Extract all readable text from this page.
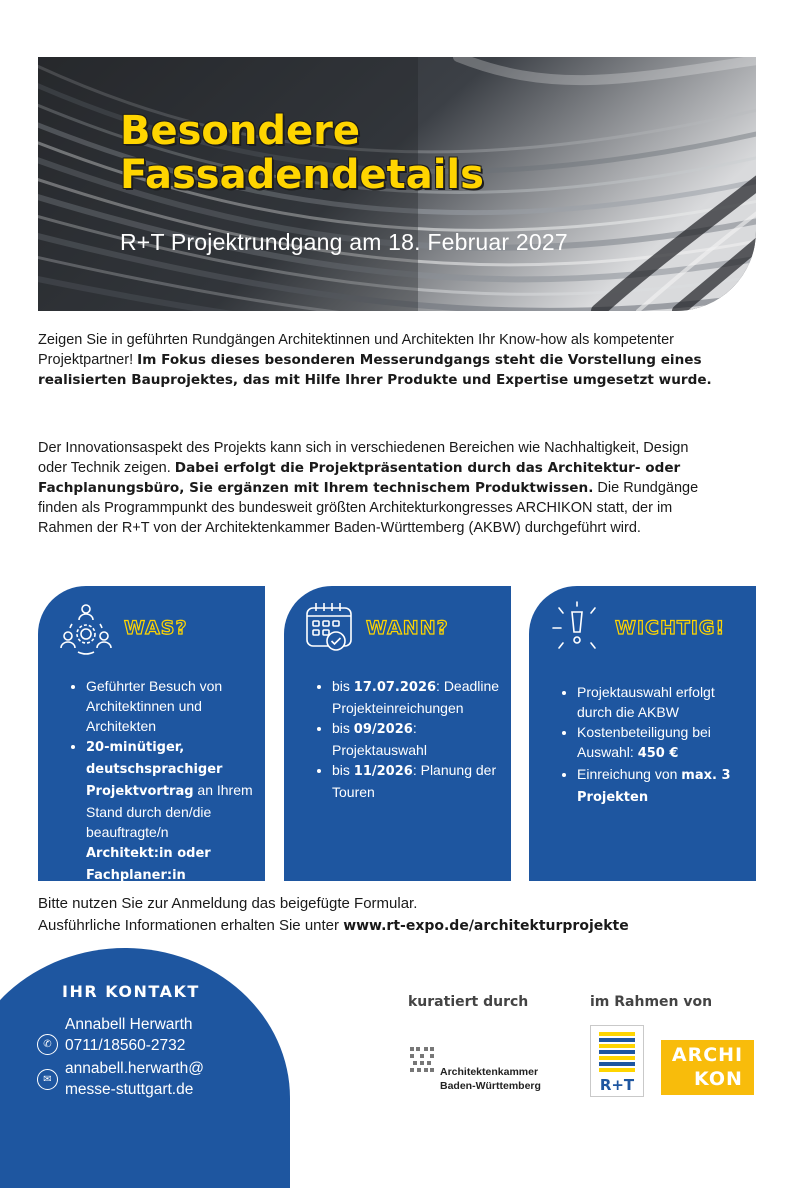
Besondere
Fassadendetails

R+T Projektrundgang am 18. Februar 2027

Zeigen Sie in geführten Rundgängen Architektinnen und Architekten Ihr Know-how als kompetenter Projektpartner! Im Fokus dieses besonderen Messerundgangs steht die Vorstellung eines realisierten Bauprojektes, das mit Hilfe Ihrer Produkte und Expertise umgesetzt wurde.

Der Innovationsaspekt des Projekts kann sich in verschiedenen Bereichen wie Nachhaltigkeit, Design oder Technik zeigen. Dabei erfolgt die Projektpräsentation durch das Architektur- oder Fachplanungsbüro, Sie ergänzen mit Ihrem technischem Produktwissen. Die Rundgänge finden als Programmpunkt des bundesweit größten Architekturkongresses ARCHIKON statt, der im Rahmen der R+T von der Architektenkammer Baden-Württemberg (AKBW) durchgeführt wird.

WAS?
• Geführter Besuch von Architektinnen und Architekten
• 20-minütiger, deutschsprachiger Projektvortrag an Ihrem Stand durch den/die beauftragte/n Architekt:in oder Fachplaner:in
WANN?
• bis 17.07.2026: Deadline Projekteinreichungen
• bis 09/2026: Projektauswahl
• bis 11/2026: Planung der Touren
WICHTIG!
• Projektauswahl erfolgt durch die AKBW
• Kostenbeteiligung bei Auswahl: 450 €
• Einreichung von max. 3 Projekten

Bitte nutzen Sie zur Anmeldung das beigefügte Formular.
Ausführliche Informationen erhalten Sie unter www.rt-expo.de/architekturprojekte

IHR KONTAKT
Annabell Herwarth
✆ 0711/18560-2732
✉
annabell.herwarth@
messe-stuttgart.de

kuratiert durch	im Rahmen von

Architektenkammer
Baden-Württemberg	R+T
ARCHI
KON
